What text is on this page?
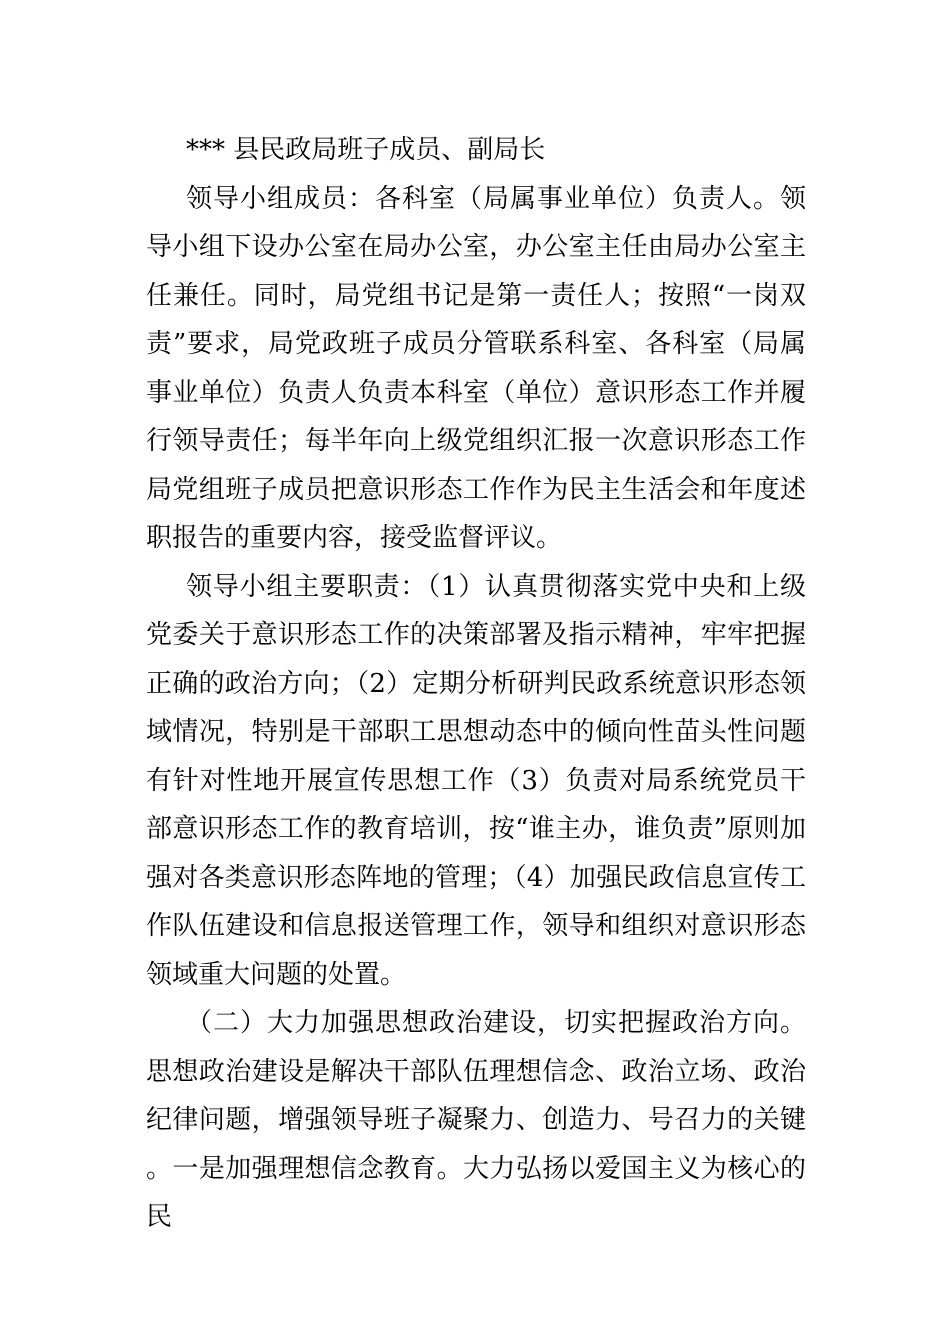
*** 县民政局班子成员、副局长

领导小组成员：各科室（局属事业单位）负责人。领导小组下设办公室在局办公室，办公室主任由局办公室主任兼任。同时，局党组书记是第一责任人；按照“一岗双责”要求，局党政班子成员分管联系科室、各科室（局属事业单位）负责人负责本科室（单位）意识形态工作并履行领导责任；每半年向上级党组织汇报一次意识形态工作局党组班子成员把意识形态工作作为民主生活会和年度述职报告的重要内容，接受监督评议。

领导小组主要职责：（1）认真贯彻落实党中央和上级党委关于意识形态工作的决策部署及指示精神，牢牢把握正确的政治方向；（2）定期分析研判民政系统意识形态领域情况，特别是干部职工思想动态中的倾向性苗头性问题有针对性地开展宣传思想工作（3）负责对局系统党员干部意识形态工作的教育培训，按“谁主办，谁负责”原则加强对各类意识形态阵地的管理；（4）加强民政信息宣传工作队伍建设和信息报送管理工作，领导和组织对意识形态领域重大问题的处置。

（二）大力加强思想政治建设，切实把握政治方向。思想政治建设是解决干部队伍理想信念、政治立场、政治纪律问题，增强领导班子凝聚力、创造力、号召力的关键。一是加强理想信念教育。大力弘扬以爱国主义为核心的民
